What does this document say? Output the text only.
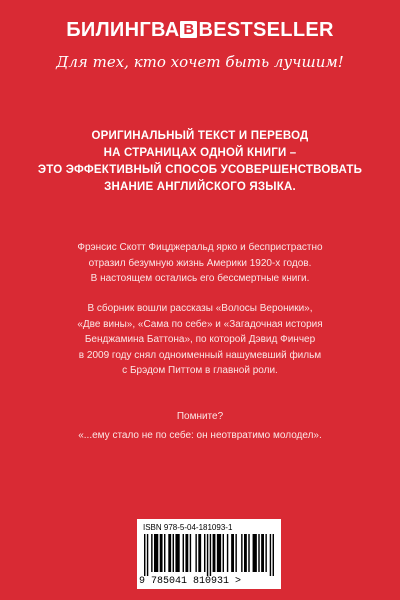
БИЛИНГВА B BESTSELLER
Для тех, кто хочет быть лучшим!
ОРИГИНАЛЬНЫЙ ТЕКСТ И ПЕРЕВОД
НА СТРАНИЦАХ ОДНОЙ КНИГИ –
ЭТО ЭФФЕКТИВНЫЙ СПОСОБ УСОВЕРШЕНСТВОВАТЬ
ЗНАНИЕ АНГЛИЙСКОГО ЯЗЫКА.
Фрэнсис Скотт Фицджеральд ярко и беспристрастно
отразил безумную жизнь Америки 1920-х годов.
В настоящем остались его бессмертные книги.
В сборник вошли рассказы «Волосы Вероники»,
«Две вины», «Сама по себе» и «Загадочная история
Бенджамина Баттона», по которой Дэвид Финчер
в 2009 году снял одноименный нашумевший фильм
с Брэдом Питтом в главной роли.
Помните?
«...ему стало не по себе: он неотвратимо молодел».
ISBN 978-5-04-181093-1
9 785041 810931 >
